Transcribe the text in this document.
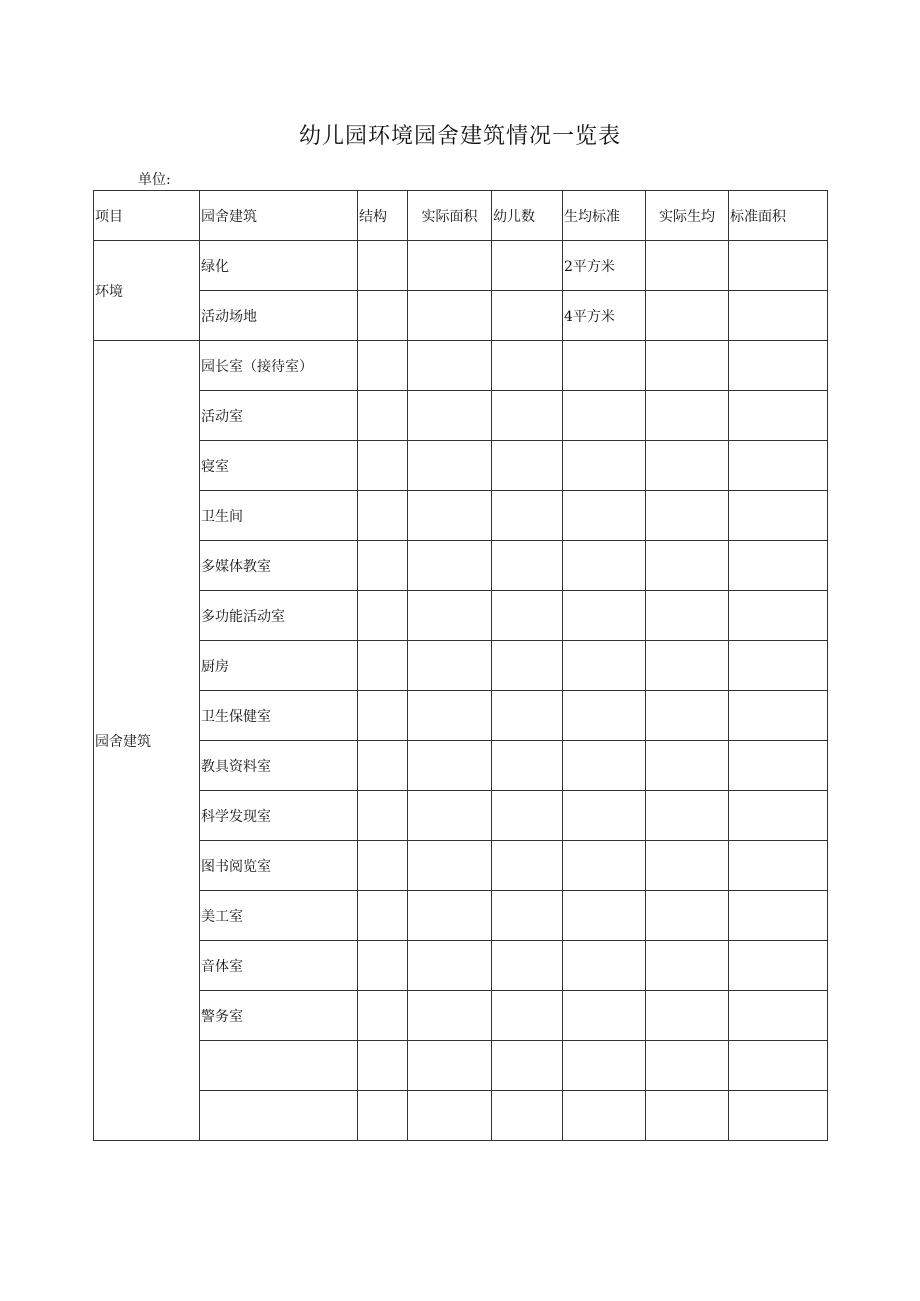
幼儿园环境园舍建筑情况一览表
单位:
项目	园舍建筑	结构	实际面积	幼儿数	生均标准	实际生均	标准面积
环境	绿化				2平方米		
	活动场地				4平方米		
园舍建筑	园长室（接待室）						
	活动室						
	寝室						
	卫生间						
	多媒体教室						
	多功能活动室						
	厨房						
	卫生保健室						
	教具资料室						
	科学发现室						
	图书阅览室						
	美工室						
	音体室						
	警务室						
